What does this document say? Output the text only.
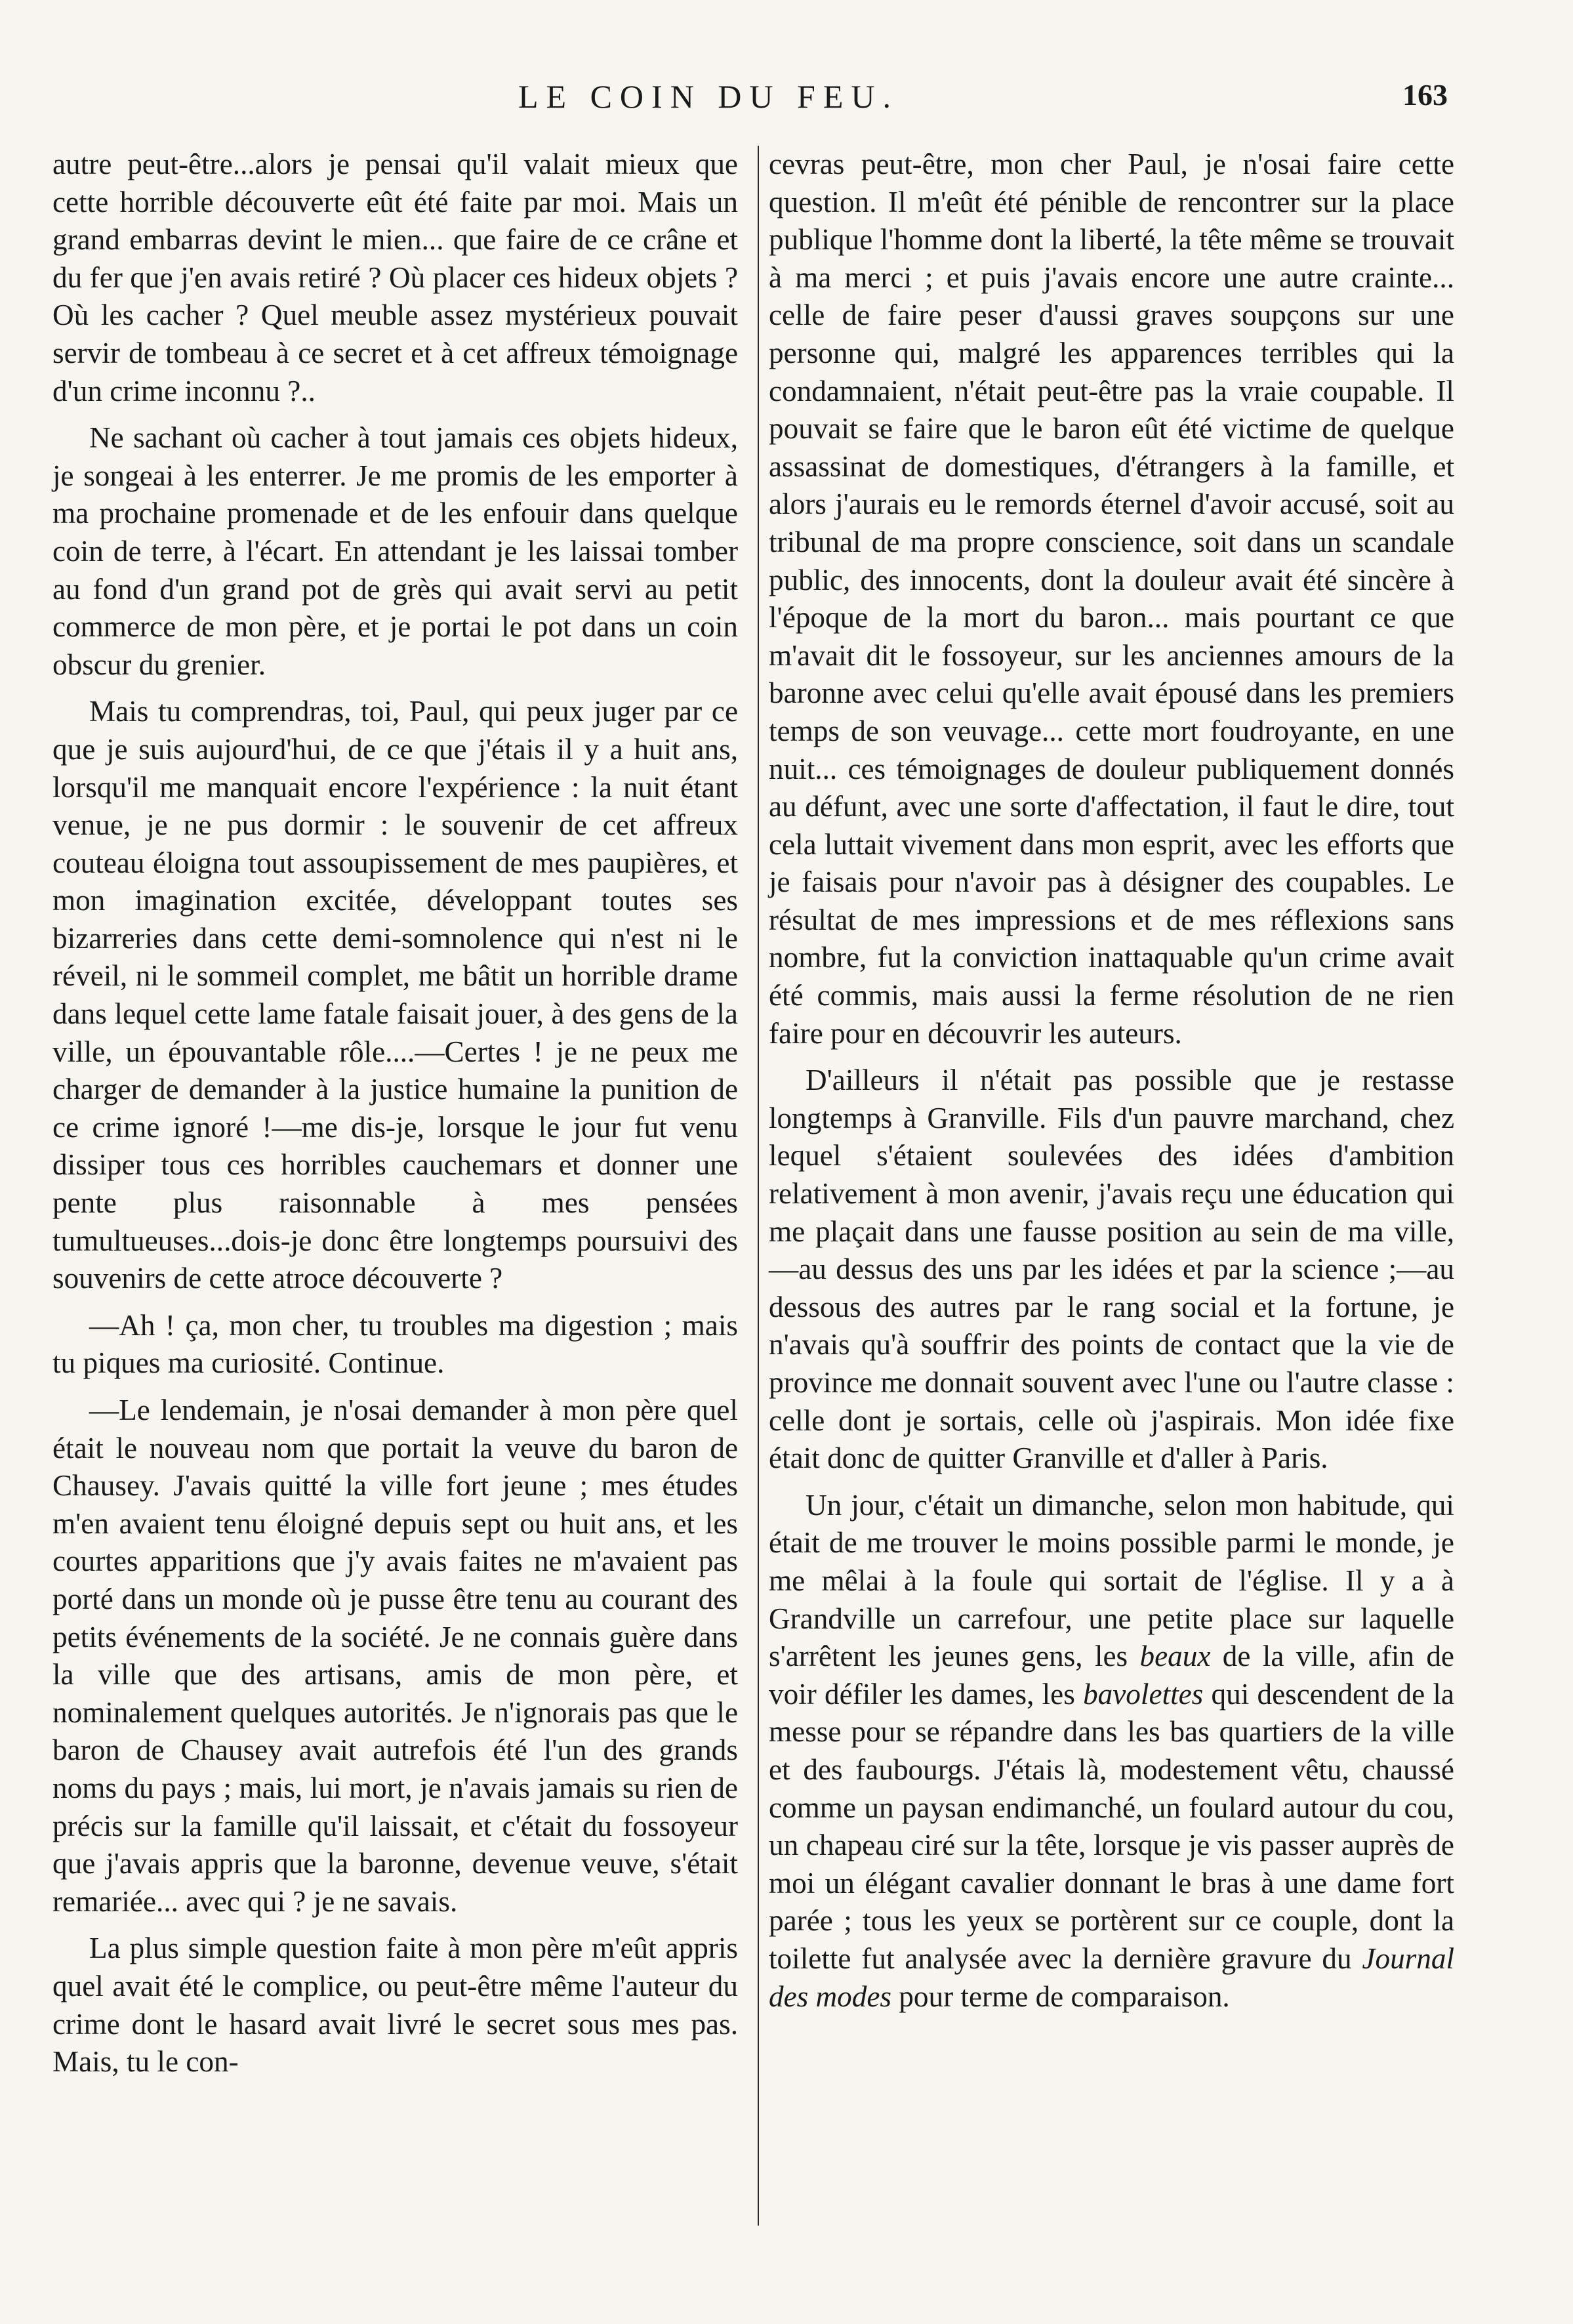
LE COIN DU FEU.	163

autre peut-être...alors je pensai qu'il valait mieux que cette horrible découverte eût été faite par moi. Mais un grand embarras devint le mien... que faire de ce crâne et du fer que j'en avais retiré ? Où placer ces hideux objets ? Où les cacher ? Quel meuble assez mystérieux pouvait servir de tombeau à ce secret et à cet affreux témoignage d'un crime inconnu ?..

Ne sachant où cacher à tout jamais ces objets hideux, je songeai à les enterrer. Je me promis de les emporter à ma prochaine promenade et de les enfouir dans quelque coin de terre, à l'écart. En attendant je les laissai tomber au fond d'un grand pot de grès qui avait servi au petit commerce de mon père, et je portai le pot dans un coin obscur du grenier.

Mais tu comprendras, toi, Paul, qui peux juger par ce que je suis aujourd'hui, de ce que j'étais il y a huit ans, lorsqu'il me manquait encore l'expérience : la nuit étant venue, je ne pus dormir : le souvenir de cet affreux couteau éloigna tout assoupissement de mes paupières, et mon imagination excitée, développant toutes ses bizarreries dans cette demi-somnolence qui n'est ni le réveil, ni le sommeil complet, me bâtit un horrible drame dans lequel cette lame fatale faisait jouer, à des gens de la ville, un épouvantable rôle....—Certes ! je ne peux me charger de demander à la justice humaine la punition de ce crime ignoré !—me dis-je, lorsque le jour fut venu dissiper tous ces horribles cauchemars et donner une pente plus raisonnable à mes pensées tumultueuses...dois-je donc être longtemps poursuivi des souvenirs de cette atroce découverte ?

—Ah ! ça, mon cher, tu troubles ma digestion ; mais tu piques ma curiosité. Continue.

—Le lendemain, je n'osai demander à mon père quel était le nouveau nom que portait la veuve du baron de Chausey. J'avais quitté la ville fort jeune ; mes études m'en avaient tenu éloigné depuis sept ou huit ans, et les courtes apparitions que j'y avais faites ne m'avaient pas porté dans un monde où je pusse être tenu au courant des petits événements de la société. Je ne connais guère dans la ville que des artisans, amis de mon père, et nominalement quelques autorités. Je n'ignorais pas que le baron de Chausey avait autrefois été l'un des grands noms du pays ; mais, lui mort, je n'avais jamais su rien de précis sur la famille qu'il laissait, et c'était du fossoyeur que j'avais appris que la baronne, devenue veuve, s'était remariée... avec qui ? je ne savais.

La plus simple question faite à mon père m'eût appris quel avait été le complice, ou peut-être même l'auteur du crime dont le hasard avait livré le secret sous mes pas. Mais, tu le con-

cevras peut-être, mon cher Paul, je n'osai faire cette question. Il m'eût été pénible de rencontrer sur la place publique l'homme dont la liberté, la tête même se trouvait à ma merci ; et puis j'avais encore une autre crainte... celle de faire peser d'aussi graves soupçons sur une personne qui, malgré les apparences terribles qui la condamnaient, n'était peut-être pas la vraie coupable. Il pouvait se faire que le baron eût été victime de quelque assassinat de domestiques, d'étrangers à la famille, et alors j'aurais eu le remords éternel d'avoir accusé, soit au tribunal de ma propre conscience, soit dans un scandale public, des innocents, dont la douleur avait été sincère à l'époque de la mort du baron... mais pourtant ce que m'avait dit le fossoyeur, sur les anciennes amours de la baronne avec celui qu'elle avait épousé dans les premiers temps de son veuvage... cette mort foudroyante, en une nuit... ces témoignages de douleur publiquement donnés au défunt, avec une sorte d'affectation, il faut le dire, tout cela luttait vivement dans mon esprit, avec les efforts que je faisais pour n'avoir pas à désigner des coupables. Le résultat de mes impressions et de mes réflexions sans nombre, fut la conviction inattaquable qu'un crime avait été commis, mais aussi la ferme résolution de ne rien faire pour en découvrir les auteurs.

D'ailleurs il n'était pas possible que je restasse longtemps à Granville. Fils d'un pauvre marchand, chez lequel s'étaient soulevées des idées d'ambition relativement à mon avenir, j'avais reçu une éducation qui me plaçait dans une fausse position au sein de ma ville,—au dessus des uns par les idées et par la science ;—au dessous des autres par le rang social et la fortune, je n'avais qu'à souffrir des points de contact que la vie de province me donnait souvent avec l'une ou l'autre classe : celle dont je sortais, celle où j'aspirais. Mon idée fixe était donc de quitter Granville et d'aller à Paris.

Un jour, c'était un dimanche, selon mon habitude, qui était de me trouver le moins possible parmi le monde, je me mêlai à la foule qui sortait de l'église. Il y a à Grandville un carrefour, une petite place sur laquelle s'arrêtent les jeunes gens, les beaux de la ville, afin de voir défiler les dames, les bavolettes qui descendent de la messe pour se répandre dans les bas quartiers de la ville et des faubourgs. J'étais là, modestement vêtu, chaussé comme un paysan endimanché, un foulard autour du cou, un chapeau ciré sur la tête, lorsque je vis passer auprès de moi un élégant cavalier donnant le bras à une dame fort parée ; tous les yeux se portèrent sur ce couple, dont la toilette fut analysée avec la dernière gravure du Journal des modes pour terme de comparaison.
